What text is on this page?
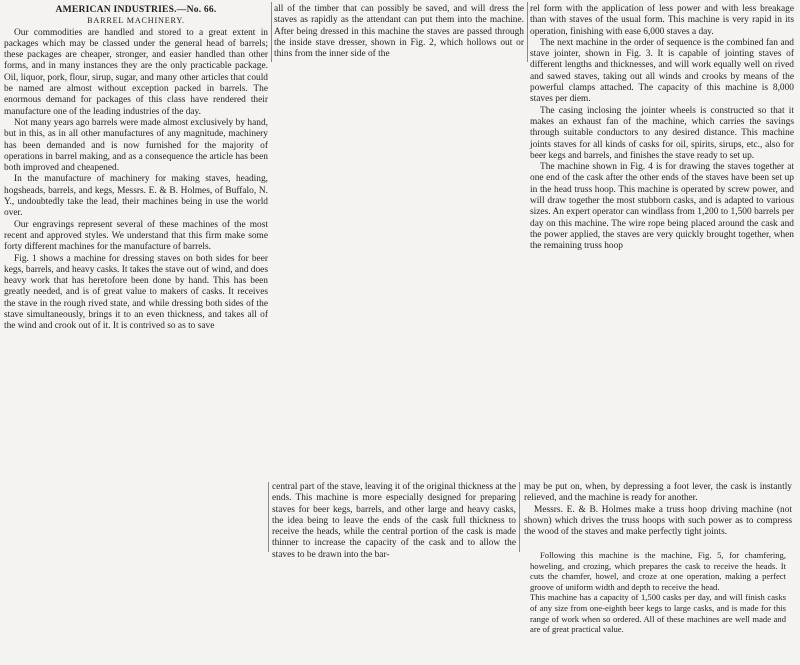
AMERICAN INDUSTRIES.—No. 66.
BARREL MACHINERY.

Our commodities are handled and stored to a great extent in packages which may be classed under the general head of barrels; these packages are cheaper, stronger, and easier handled than other forms, and in many instances they are the only practicable package. Oil, liquor, pork, flour, sirup, sugar, and many other articles that could be named are almost without exception packed in barrels. The enormous demand for packages of this class have rendered their manufacture one of the leading industries of the day.

Not many years ago barrels were made almost exclusively by hand, but in this, as in all other manufactures of any magnitude, machinery has been demanded and is now furnished for the majority of operations in barrel making, and as a consequence the article has been both improved and cheapened.

In the manufacture of machinery for making staves, heading, hogsheads, barrels, and kegs, Messrs. E. & B. Holmes, of Buffalo, N. Y., undoubtedly take the lead, their machines being in use the world over.

Our engravings represent several of these machines of the most recent and approved styles. We understand that this firm make some forty different machines for the manufacture of barrels.

Fig. 1 shows a machine for dressing staves on both sides for beer kegs, barrels, and heavy casks. It takes the stave out of wind, and does heavy work that has heretofore been done by hand. This has been greatly needed, and is of great value to makers of casks. It receives the stave in the rough rived state, and while dressing both sides of the stave simultaneously, brings it to an even thickness, and takes all of the wind and crook out of it. It is contrived so as to save

all of the timber that can possibly be saved, and will dress the staves as rapidly as the attendant can put them into the machine. After being dressed in this machine the staves are passed through the inside stave dresser, shown in Fig. 2, which hollows out or thins from the inner side of the

rel form with the application of less power and with less breakage than with staves of the usual form. This machine is very rapid in its operation, finishing with ease 6,000 staves a day.

The next machine in the order of sequence is the combined fan and stave jointer, shown in Fig. 3. It is capable of jointing staves of different lengths and thicknesses, and will work equally well on rived and sawed staves, taking out all winds and crooks by means of the powerful clamps attached. The capacity of this machine is 8,000 staves per diem.

The casing inclosing the jointer wheels is constructed so that it makes an exhaust fan of the machine, which carries the savings through suitable conductors to any desired distance. This machine joints staves for all kinds of casks for oil, spirits, sirups, etc., also for beer kegs and barrels, and finishes the stave ready to set up.

The machine shown in Fig. 4 is for drawing the staves together at one end of the cask after the other ends of the staves have been set up in the head truss hoop. This machine is operated by screw power, and will draw together the most stubborn casks, and is adapted to various sizes. An expert operator can windlass from 1,200 to 1,500 barrels per day on this machine. The wire rope being placed around the cask and the power applied, the staves are very quickly brought together, when the remaining truss hoop

central part of the stave, leaving it of the original thickness at the ends. This machine is more especially designed for preparing staves for beer kegs, barrels, and other large and heavy casks, the idea being to leave the ends of the cask full thickness to receive the heads, while the central portion of the cask is made thinner to increase the capacity of the cask and to allow the staves to be drawn into the bar-

may be put on, when, by depressing a foot lever, the cask is instantly relieved, and the machine is ready for another.

Messrs. E. & B. Holmes make a truss hoop driving machine (not shown) which drives the truss hoops with such power as to compress the wood of the staves and make perfectly tight joints.

Following this machine is the machine, Fig. 5, for chamfering, howeling, and crozing, which prepares the cask to receive the heads. It cuts the chamfer, howel, and croze at one operation, making a perfect groove of uniform width and depth to receive the head.

This machine has a capacity of 1,500 casks per day, and will finish casks of any size from one-eighth beer kegs to large casks, and is made for this range of work when so ordered. All of these machines are well made and are of great practical value.
